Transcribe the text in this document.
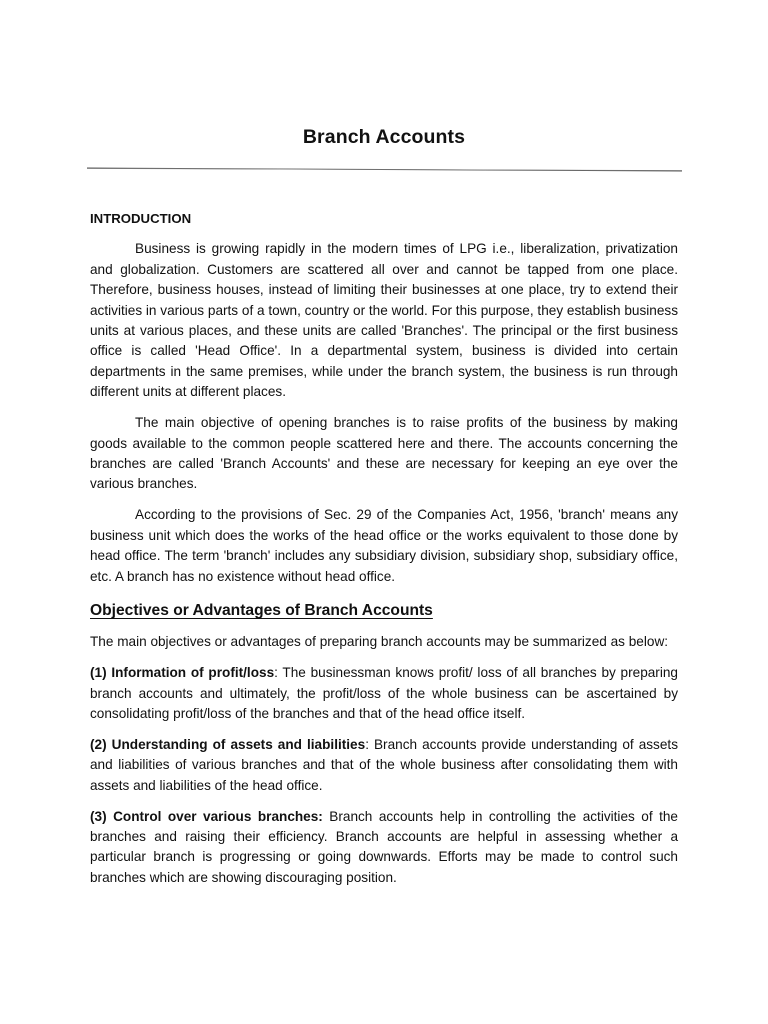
Branch Accounts
INTRODUCTION

Business is growing rapidly in the modern times of LPG i.e., liberalization, privatization and globalization. Customers are scattered all over and cannot be tapped from one place. Therefore, business houses, instead of limiting their businesses at one place, try to extend their activities in various parts of a town, country or the world. For this purpose, they establish business units at various places, and these units are called 'Branches'. The principal or the first business office is called 'Head Office'. In a departmental system, business is divided into certain departments in the same premises, while under the branch system, the business is run through different units at different places.

The main objective of opening branches is to raise profits of the business by making goods available to the common people scattered here and there. The accounts concerning the branches are called 'Branch Accounts' and these are necessary for keeping an eye over the various branches.

According to the provisions of Sec. 29 of the Companies Act, 1956, 'branch' means any business unit which does the works of the head office or the works equivalent to those done by head office. The term 'branch' includes any subsidiary division, subsidiary shop, subsidiary office, etc. A branch has no existence without head office.

Objectives or Advantages of Branch Accounts

The main objectives or advantages of preparing branch accounts may be summarized as below:

(1) Information of profit/loss: The businessman knows profit/ loss of all branches by preparing branch accounts and ultimately, the profit/loss of the whole business can be ascertained by consolidating profit/loss of the branches and that of the head office itself.

(2) Understanding of assets and liabilities: Branch accounts provide understanding of assets and liabilities of various branches and that of the whole business after consolidating them with assets and liabilities of the head office.

(3) Control over various branches: Branch accounts help in controlling the activities of the branches and raising their efficiency. Branch accounts are helpful in assessing whether a particular branch is progressing or going downwards. Efforts may be made to control such branches which are showing discouraging position.
